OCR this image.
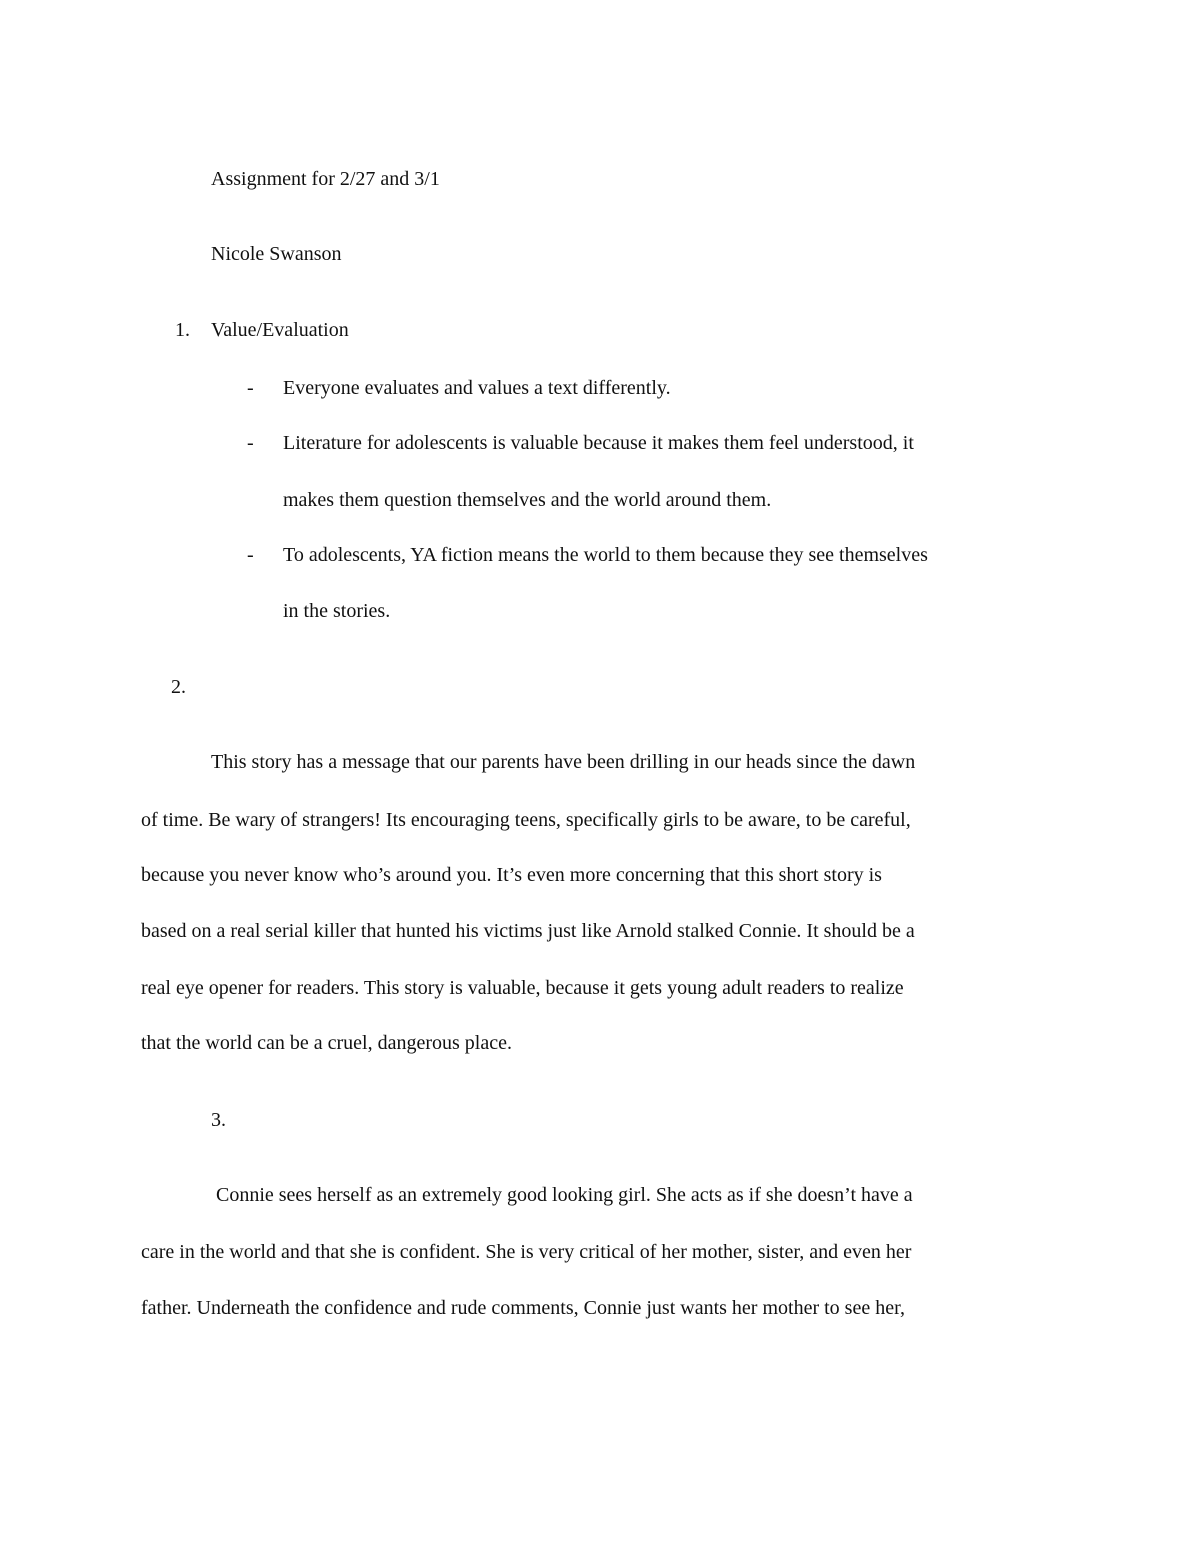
Assignment for 2/27 and 3/1
Nicole Swanson
1. Value/Evaluation
- Everyone evaluates and values a text differently.
- Literature for adolescents is valuable because it makes them feel understood, it
makes them question themselves and the world around them.
- To adolescents, YA fiction means the world to them because they see themselves
in the stories.
2.
This story has a message that our parents have been drilling in our heads since the dawn
of time. Be wary of strangers! Its encouraging teens, specifically girls to be aware, to be careful,
because you never know who’s around you. It’s even more concerning that this short story is
based on a real serial killer that hunted his victims just like Arnold stalked Connie. It should be a
real eye opener for readers. This story is valuable, because it gets young adult readers to realize
that the world can be a cruel, dangerous place.
3.
Connie sees herself as an extremely good looking girl. She acts as if she doesn’t have a
care in the world and that she is confident. She is very critical of her mother, sister, and even her
father. Underneath the confidence and rude comments, Connie just wants her mother to see her,
